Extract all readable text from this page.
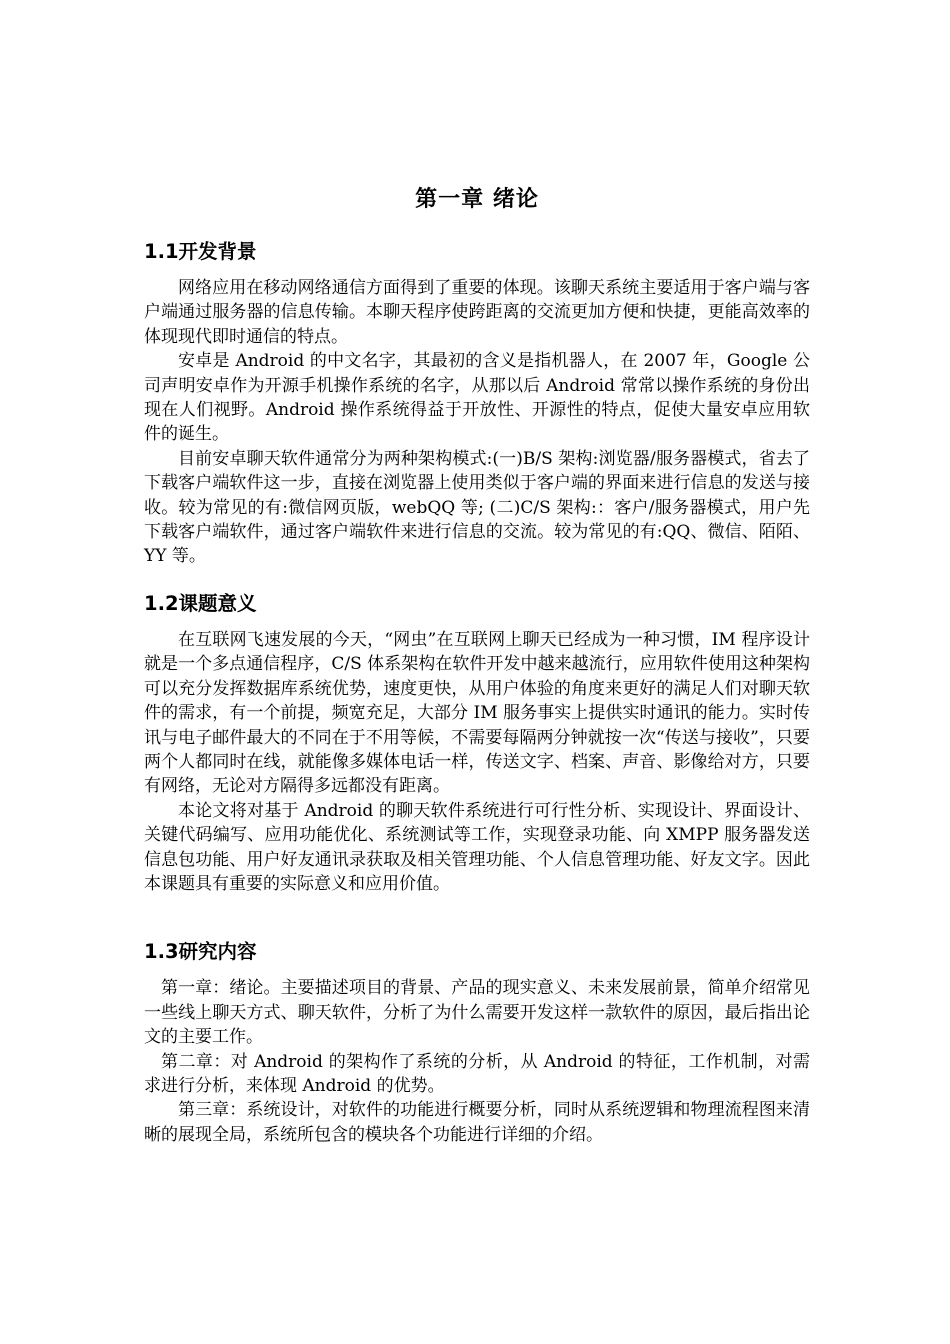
第一章 绪论
1.1开发背景

网络应用在移动网络通信方面得到了重要的体现。该聊天系统主要适用于客户端与客户端通过服务器的信息传输。本聊天程序使跨距离的交流更加方便和快捷，更能高效率的体现现代即时通信的特点。

安卓是 Android 的中文名字，其最初的含义是指机器人，在 2007 年，Google 公司声明安卓作为开源手机操作系统的名字，从那以后 Android 常常以操作系统的身份出现在人们视野。Android 操作系统得益于开放性、开源性的特点，促使大量安卓应用软件的诞生。

目前安卓聊天软件通常分为两种架构模式:(一)B/S 架构:浏览器/服务器模式，省去了下载客户端软件这一步，直接在浏览器上使用类似于客户端的界面来进行信息的发送与接收。较为常见的有:微信网页版，webQQ 等; (二)C/S 架构:：客户/服务器模式，用户先下载客户端软件，通过客户端软件来进行信息的交流。较为常见的有:QQ、微信、陌陌、YY 等。

1.2课题意义

在互联网飞速发展的今天，“网虫”在互联网上聊天已经成为一种习惯，IM 程序设计就是一个多点通信程序，C/S 体系架构在软件开发中越来越流行，应用软件使用这种架构可以充分发挥数据库系统优势，速度更快，从用户体验的角度来更好的满足人们对聊天软件的需求，有一个前提，频宽充足，大部分 IM 服务事实上提供实时通讯的能力。实时传讯与电子邮件最大的不同在于不用等候，不需要每隔两分钟就按一次“传送与接收”，只要两个人都同时在线，就能像多媒体电话一样，传送文字、档案、声音、影像给对方，只要有网络，无论对方隔得多远都没有距离。

本论文将对基于 Android 的聊天软件系统进行可行性分析、实现设计、界面设计、关键代码编写、应用功能优化、系统测试等工作，实现登录功能、向 XMPP 服务器发送信息包功能、用户好友通讯录获取及相关管理功能、个人信息管理功能、好友文字。因此本课题具有重要的实际意义和应用价值。

1.3研究内容

第一章：绪论。主要描述项目的背景、产品的现实意义、未来发展前景，简单介绍常见一些线上聊天方式、聊天软件，分析了为什么需要开发这样一款软件的原因，最后指出论文的主要工作。

第二章：对 Android 的架构作了系统的分析，从 Android 的特征，工作机制，对需求进行分析，来体现 Android 的优势。

第三章：系统设计，对软件的功能进行概要分析，同时从系统逻辑和物理流程图来清晰的展现全局，系统所包含的模块各个功能进行详细的介绍。
